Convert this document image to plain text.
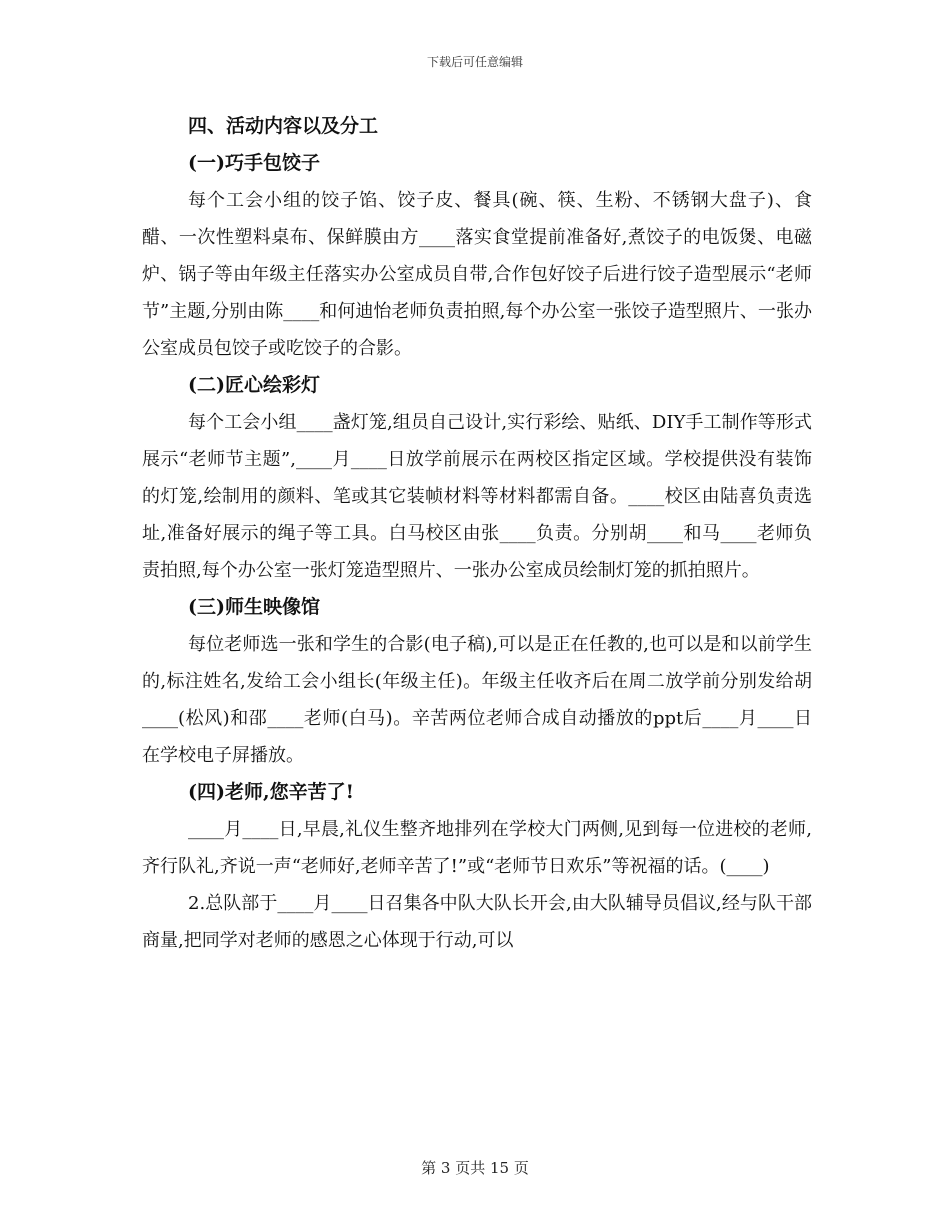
下载后可任意编辑
四、活动内容以及分工
(一)巧手包饺子

每个工会小组的饺子馅、饺子皮、餐具(碗、筷、生粉、不锈钢大盘子)、食醋、一次性塑料桌布、保鲜膜由方____落实食堂提前准备好,煮饺子的电饭煲、电磁炉、锅子等由年级主任落实办公室成员自带,合作包好饺子后进行饺子造型展示“老师节”主题,分别由陈____和何迪怡老师负责拍照,每个办公室一张饺子造型照片、一张办公室成员包饺子或吃饺子的合影。

(二)匠心绘彩灯

每个工会小组____盏灯笼,组员自己设计,实行彩绘、贴纸、DIY手工制作等形式展示“老师节主题”,____月____日放学前展示在两校区指定区域。学校提供没有装饰的灯笼,绘制用的颜料、笔或其它装帧材料等材料都需自备。____校区由陆喜负责选址,准备好展示的绳子等工具。白马校区由张____负责。分别胡____和马____老师负责拍照,每个办公室一张灯笼造型照片、一张办公室成员绘制灯笼的抓拍照片。

(三)师生映像馆

每位老师选一张和学生的合影(电子稿),可以是正在任教的,也可以是和以前学生的,标注姓名,发给工会小组长(年级主任)。年级主任收齐后在周二放学前分别发给胡____(松风)和邵____老师(白马)。辛苦两位老师合成自动播放的ppt后____月____日在学校电子屏播放。

(四)老师,您辛苦了!

____月____日,早晨,礼仪生整齐地排列在学校大门两侧,见到每一位进校的老师,齐行队礼,齐说一声“老师好,老师辛苦了!”或“老师节日欢乐”等祝福的话。(____)

2.总队部于____月____日召集各中队大队长开会,由大队辅导员倡议,经与队干部商量,把同学对老师的感恩之心体现于行动,可以

第 3 页共 15 页
